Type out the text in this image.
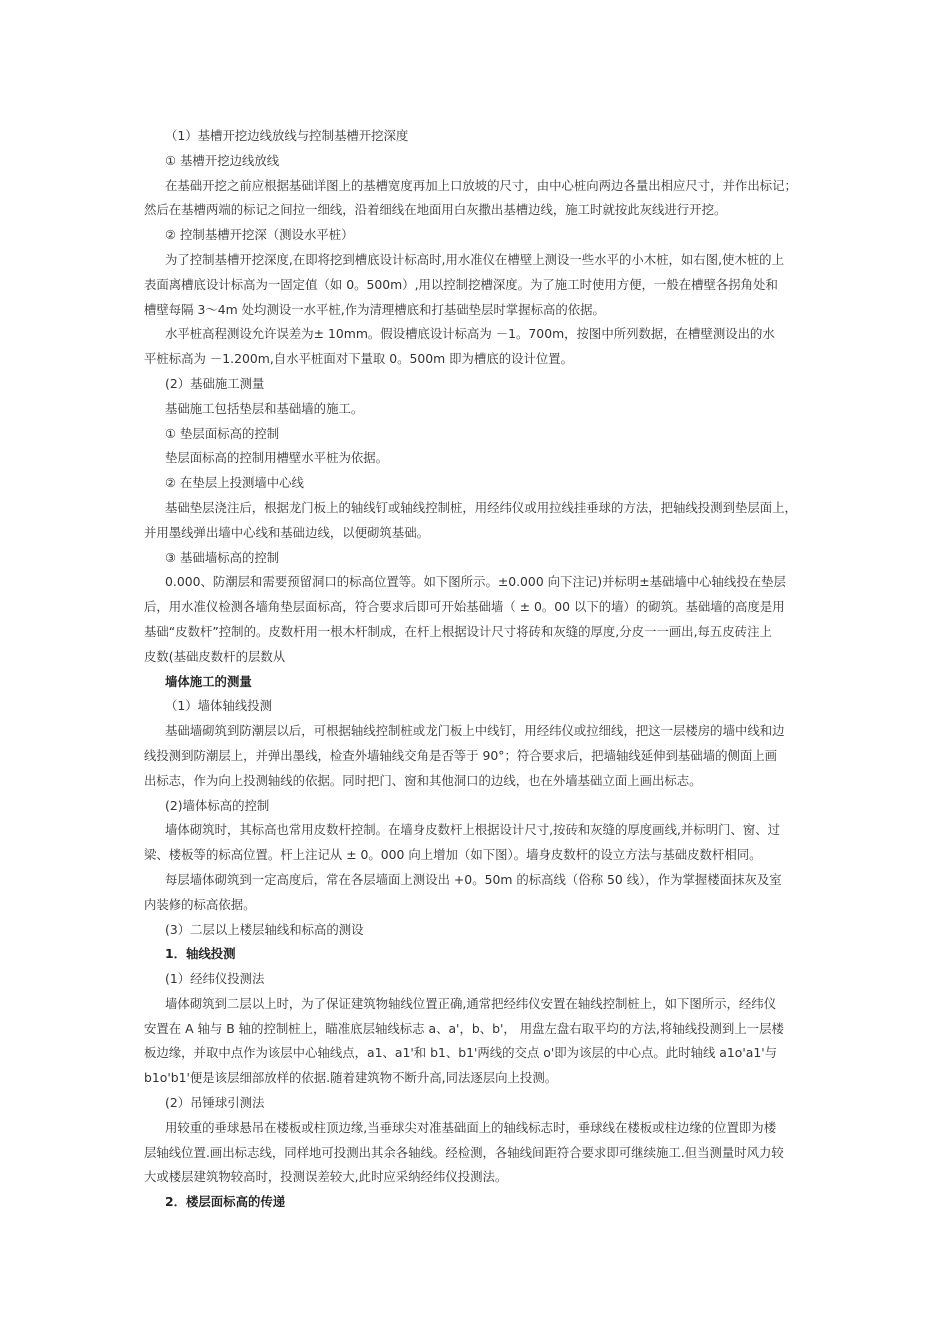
（1）基槽开挖边线放线与控制基槽开挖深度
① 基槽开挖边线放线
在基础开挖之前应根据基础详图上的基槽宽度再加上口放坡的尺寸，由中心桩向两边各量出相应尺寸，并作出标记；
然后在基槽两端的标记之间拉一细线，沿着细线在地面用白灰撒出基槽边线，施工时就按此灰线进行开挖。
② 控制基槽开挖深（测设水平桩）
为了控制基槽开挖深度,在即将挖到槽底设计标高时,用水准仪在槽壁上测设一些水平的小木桩，如右图,使木桩的上
表面离槽底设计标高为一固定值（如 0。500m）,用以控制挖槽深度。为了施工时使用方便，一般在槽壁各拐角处和
槽壁每隔 3～4m 处均测设一水平桩,作为清理槽底和打基础垫层时掌握标高的依据。
水平桩高程测设允许误差为± 10mm。假设槽底设计标高为 －1。700m，按图中所列数据，在槽壁测设出的水
平桩标高为 －1.200m,自水平桩面对下量取 0。500m 即为槽底的设计位置。
(2）基础施工测量
基础施工包括垫层和基础墙的施工。
① 垫层面标高的控制
垫层面标高的控制用槽壁水平桩为依据。
② 在垫层上投测墙中心线
基础垫层浇注后，根据龙门板上的轴线钉或轴线控制桩，用经纬仪或用拉线挂垂球的方法，把轴线投测到垫层面上，
并用墨线弹出墙中心线和基础边线，以便砌筑基础。
③ 基础墙标高的控制
0.000、防潮层和需要预留洞口的标高位置等。如下图所示。±0.000 向下注记)并标明±基础墙中心轴线投在垫层
后，用水准仪检测各墙角垫层面标高，符合要求后即可开始基础墙（ ± 0。00 以下的墙）的砌筑。基础墙的高度是用
基础“皮数杆”控制的。皮数杆用一根木杆制成，在杆上根据设计尺寸将砖和灰缝的厚度,分皮一一画出,每五皮砖注上
皮数(基础皮数杆的层数从
墙体施工的测量
（1）墙体轴线投测
基础墙砌筑到防潮层以后，可根据轴线控制桩或龙门板上中线钉，用经纬仪或拉细线，把这一层楼房的墙中线和边
线投测到防潮层上，并弹出墨线，检查外墙轴线交角是否等于 90°；符合要求后，把墙轴线延伸到基础墙的侧面上画
出标志，作为向上投测轴线的依据。同时把门、窗和其他洞口的边线，也在外墙基础立面上画出标志。
(2)墙体标高的控制
墙体砌筑时，其标高也常用皮数杆控制。在墙身皮数杆上根据设计尺寸,按砖和灰缝的厚度画线,并标明门、窗、过
梁、楼板等的标高位置。杆上注记从 ± 0。000 向上增加（如下图）。墙身皮数杆的设立方法与基础皮数杆相同。
每层墙体砌筑到一定高度后，常在各层墙面上测设出 +0。50m 的标高线（俗称 50 线），作为掌握楼面抹灰及室
内装修的标高依据。
(3）二层以上楼层轴线和标高的测设
1．轴线投测
(1）经纬仪投测法
墙体砌筑到二层以上时，为了保证建筑物轴线位置正确,通常把经纬仪安置在轴线控制桩上，如下图所示，经纬仪
安置在 A 轴与 B 轴的控制桩上，瞄准底层轴线标志 a、a'，b、b'， 用盘左盘右取平均的方法,将轴线投测到上一层楼
板边缘，并取中点作为该层中心轴线点，a1、a1'和 b1、b1'两线的交点 o'即为该层的中心点。此时轴线 a1o'a1'与
b1o'b1'便是该层细部放样的依据.随着建筑物不断升高,同法逐层向上投测。
(2）吊锤球引测法
用较重的垂球悬吊在楼板或柱顶边缘,当垂球尖对准基础面上的轴线标志时，垂球线在楼板或柱边缘的位置即为楼
层轴线位置.画出标志线，同样地可投测出其余各轴线。经检测，各轴线间距符合要求即可继续施工.但当测量时风力较
大或楼层建筑物较高时，投测误差较大,此时应采纳经纬仪投测法。
2．楼层面标高的传递
